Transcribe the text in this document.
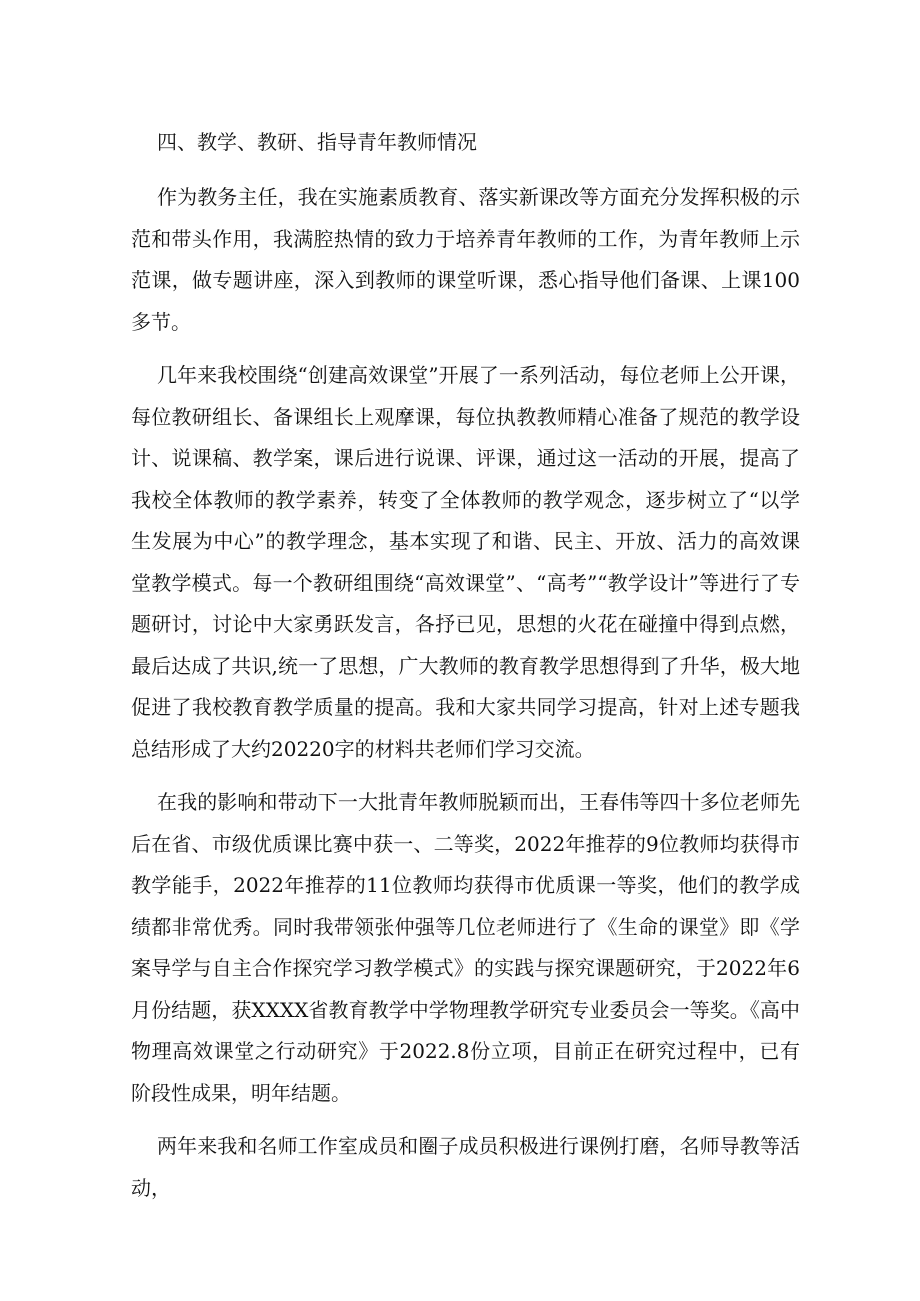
四、教学、教研、指导青年教师情况

作为教务主任，我在实施素质教育、落实新课改等方面充分发挥积极的示范和带头作用，我满腔热情的致力于培养青年教师的工作，为青年教师上示范课，做专题讲座，深入到教师的课堂听课，悉心指导他们备课、上课100多节。

几年来我校围绕“创建高效课堂”开展了一系列活动，每位老师上公开课，每位教研组长、备课组长上观摩课，每位执教教师精心准备了规范的教学设计、说课稿、教学案，课后进行说课、评课，通过这一活动的开展，提高了我校全体教师的教学素养，转变了全体教师的教学观念，逐步树立了“以学生发展为中心”的教学理念，基本实现了和谐、民主、开放、活力的高效课堂教学模式。每一个教研组围绕“高效课堂”、“高考”“教学设计”等进行了专题研讨，讨论中大家勇跃发言，各抒已见，思想的火花在碰撞中得到点燃，最后达成了共识,统一了思想，广大教师的教育教学思想得到了升华，极大地促进了我校教育教学质量的提高。我和大家共同学习提高，针对上述专题我总结形成了大约20220字的材料共老师们学习交流。

在我的影响和带动下一大批青年教师脱颖而出，王春伟等四十多位老师先后在省、市级优质课比赛中获一、二等奖，2022年推荐的9位教师均获得市教学能手，2022年推荐的11位教师均获得市优质课一等奖，他们的教学成绩都非常优秀。同时我带领张仲强等几位老师进行了《生命的课堂》即《学案导学与自主合作探究学习教学模式》的实践与探究课题研究，于2022年6月份结题，获XXXX省教育教学中学物理教学研究专业委员会一等奖。《高中物理高效课堂之行动研究》于2022.8份立项，目前正在研究过程中，已有阶段性成果，明年结题。

两年来我和名师工作室成员和圈子成员积极进行课例打磨，名师导教等活动，
